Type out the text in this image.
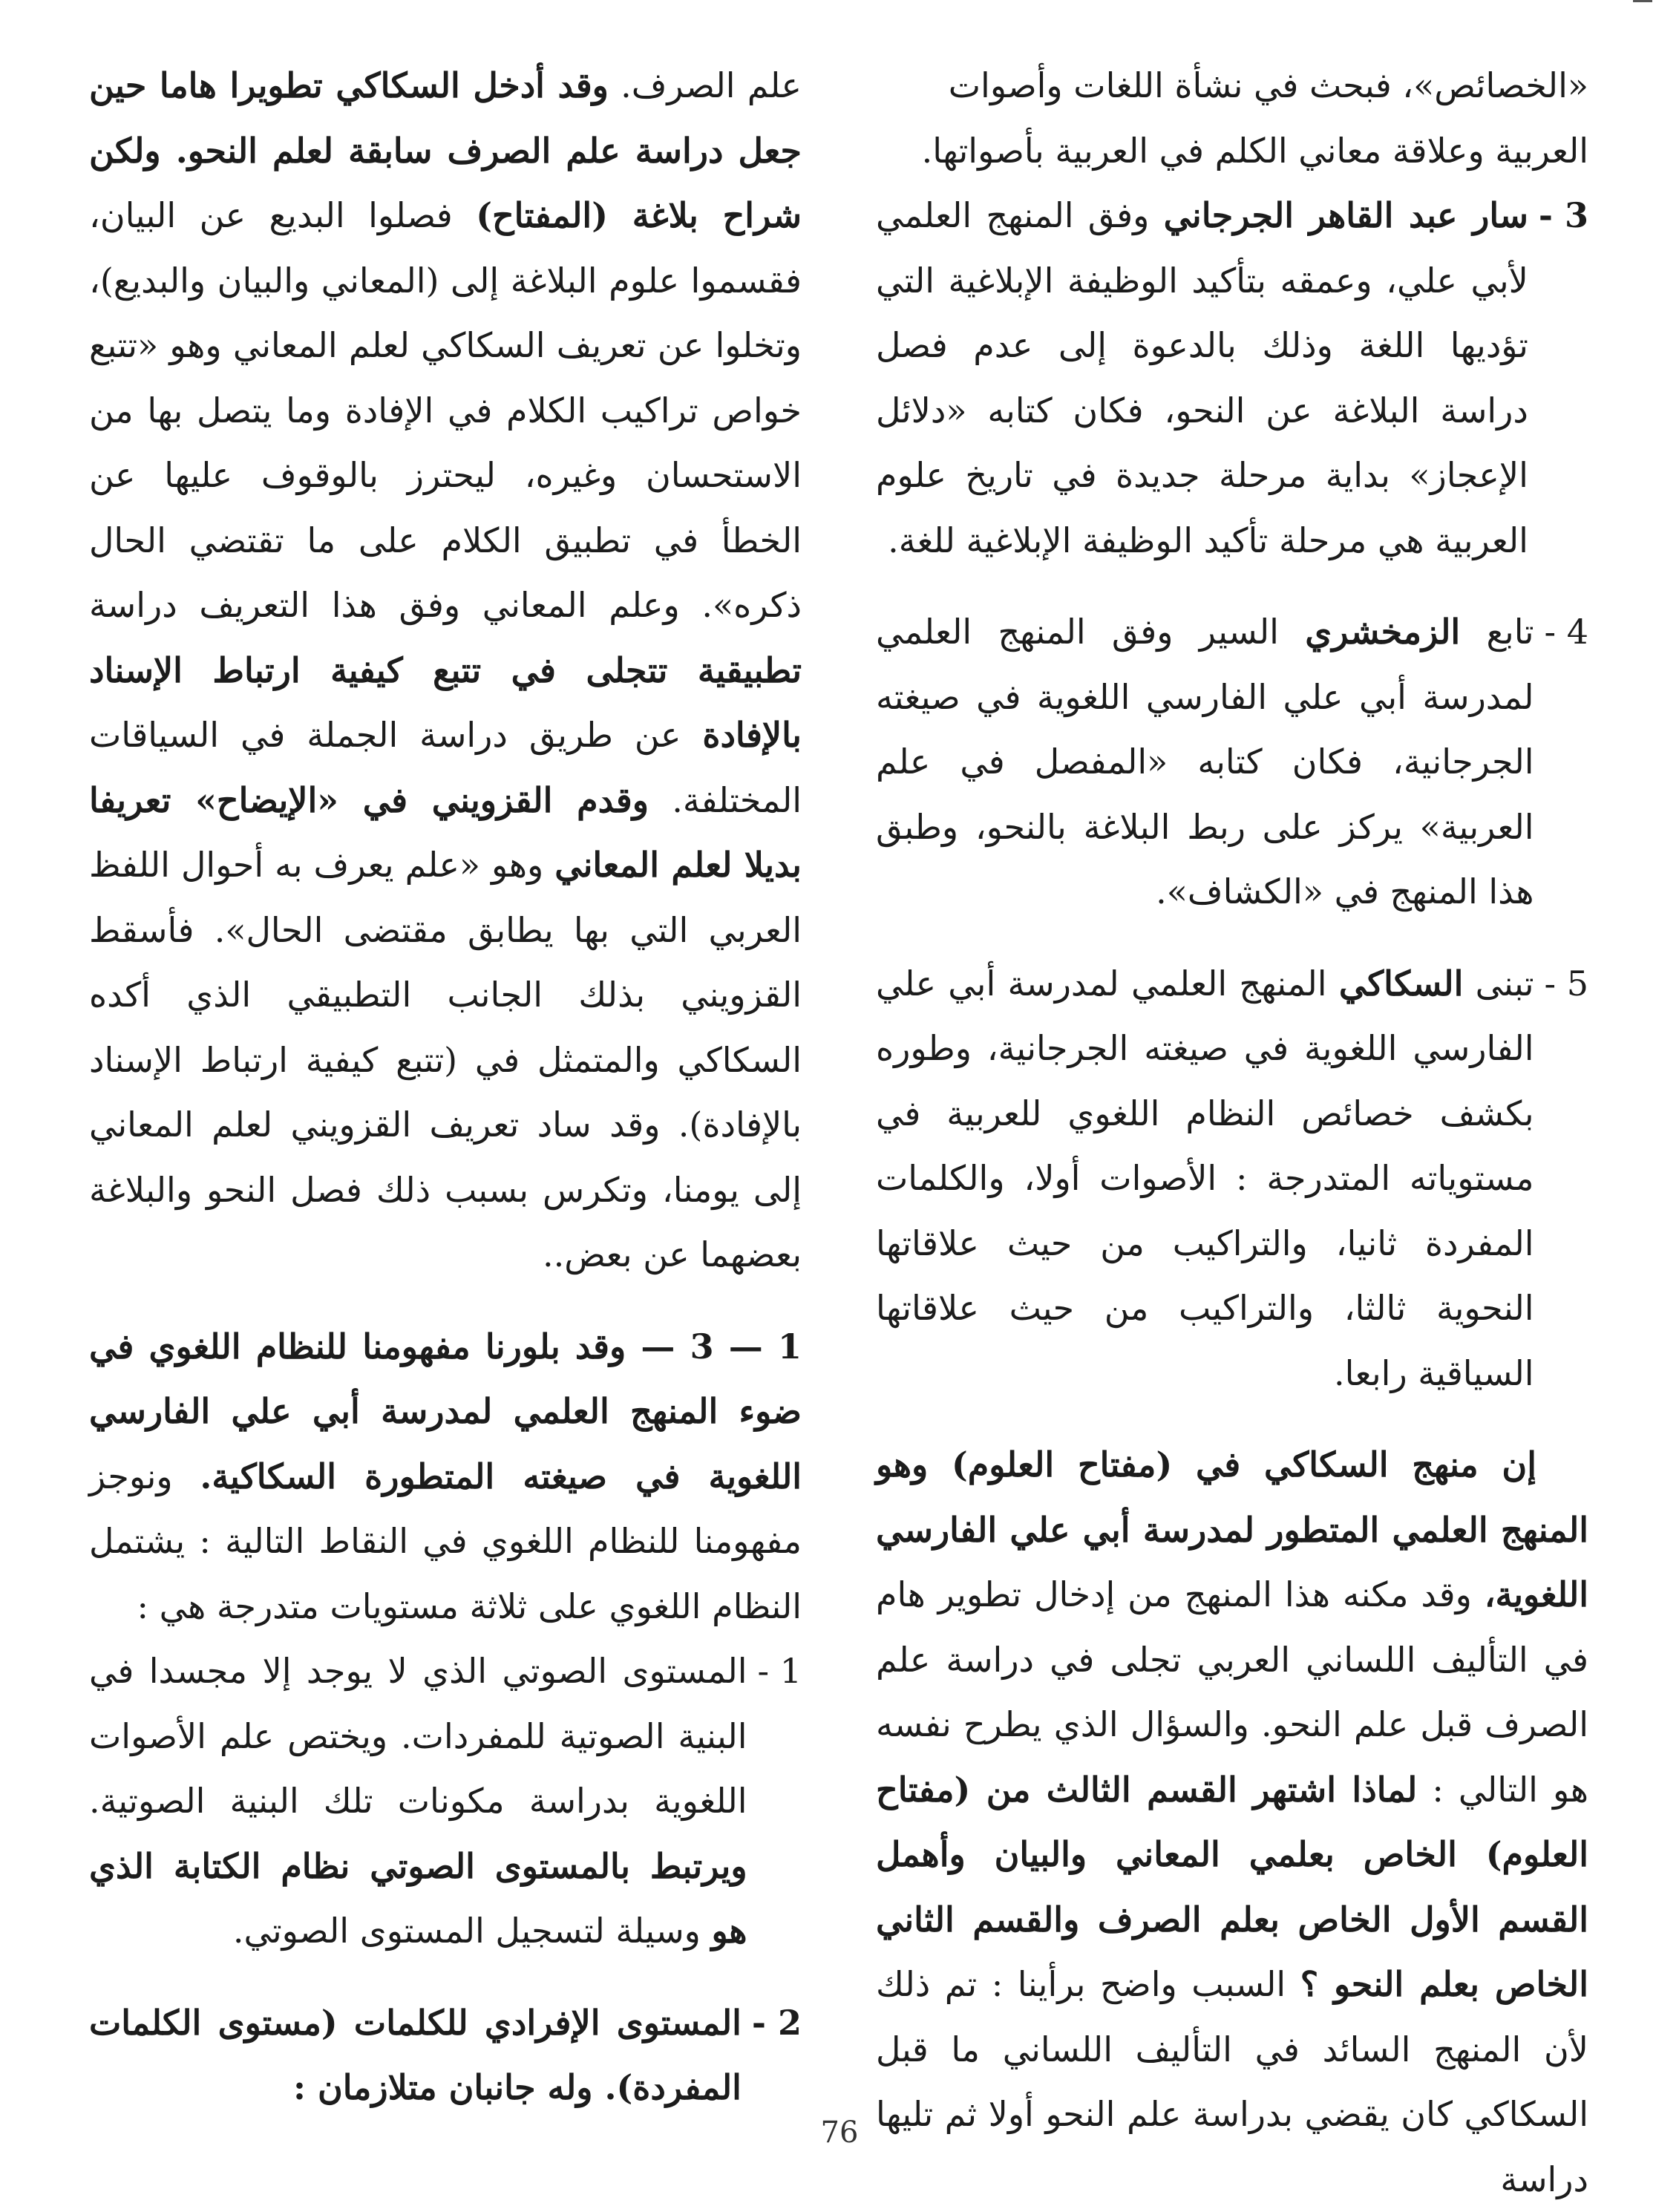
«الخصائص»، فبحث في نشأة اللغات وأصوات

العربية وعلاقة معاني الكلم في العربية بأصواتها.

3 -

سار عبد القاهر الجرجاني وفق المنهج العلمي لأبي علي، وعمقه بتأكيد الوظيفة الإبلاغية التي تؤديها اللغة وذلك بالدعوة إلى عدم فصل دراسة البلاغة عن النحو، فكان كتابه «دلائل الإعجاز» بداية مرحلة جديدة في تاريخ علوم العربية هي مرحلة تأكيد الوظيفة الإبلاغية للغة.

4 -

تابع الزمخشري السير وفق المنهج العلمي لمدرسة أبي علي الفارسي اللغوية في صيغته الجرجانية، فكان كتابه «المفصل في علم العربية» يركز على ربط البلاغة بالنحو، وطبق هذا المنهج في «الكشاف».

5 -

تبنى السكاكي المنهج العلمي لمدرسة أبي علي الفارسي اللغوية في صيغته الجرجانية، وطوره بكشف خصائص النظام اللغوي للعربية في مستوياته المتدرجة : الأصوات أولا، والكلمات المفردة ثانيا، والتراكيب من حيث علاقاتها النحوية ثالثا، والتراكيب من حيث علاقاتها السياقية رابعا.

إن منهج السكاكي في (مفتاح العلوم) وهو المنهج العلمي المتطور لمدرسة أبي علي الفارسي اللغوية، وقد مكنه هذا المنهج من إدخال تطوير هام في التأليف اللساني العربي تجلى في دراسة علم الصرف قبل علم النحو. والسؤال الذي يطرح نفسه هو التالي : لماذا اشتهر القسم الثالث من (مفتاح العلوم) الخاص بعلمي المعاني والبيان وأهمل القسم الأول الخاص بعلم الصرف والقسم الثاني الخاص بعلم النحو ؟ السبب واضح برأينا : تم ذلك لأن المنهج السائد في التأليف اللساني ما قبل السكاكي كان يقضي بدراسة علم النحو أولا ثم تليها دراسة

علم الصرف. وقد أدخل السكاكي تطويرا هاما حين جعل دراسة علم الصرف سابقة لعلم النحو. ولكن شراح بلاغة (المفتاح) فصلوا البديع عن البيان، فقسموا علوم البلاغة إلى (المعاني والبيان والبديع)، وتخلوا عن تعريف السكاكي لعلم المعاني وهو «تتبع خواص تراكيب الكلام في الإفادة وما يتصل بها من الاستحسان وغيره، ليحترز بالوقوف عليها عن الخطأ في تطبيق الكلام على ما تقتضي الحال ذكره». وعلم المعاني وفق هذا التعريف دراسة تطبيقية تتجلى في تتبع كيفية ارتباط الإسناد بالإفادة عن طريق دراسة الجملة في السياقات المختلفة. وقدم القزويني في «الإيضاح» تعريفا بديلا لعلم المعاني وهو «علم يعرف به أحوال اللفظ العربي التي بها يطابق مقتضى الحال». فأسقط القزويني بذلك الجانب التطبيقي الذي أكده السكاكي والمتمثل في (تتبع كيفية ارتباط الإسناد بالإفادة). وقد ساد تعريف القزويني لعلم المعاني إلى يومنا، وتكرس بسبب ذلك فصل النحو والبلاغة بعضهما عن بعض..

1 — 3 — وقد بلورنا مفهومنا للنظام اللغوي في ضوء المنهج العلمي لمدرسة أبي علي الفارسي اللغوية في صيغته المتطورة السكاكية. ونوجز مفهومنا للنظام اللغوي في النقاط التالية : يشتمل النظام اللغوي على ثلاثة مستويات متدرجة هي :

1 -

المستوى الصوتي الذي لا يوجد إلا مجسدا في البنية الصوتية للمفردات. ويختص علم الأصوات اللغوية بدراسة مكونات تلك البنية الصوتية. ويرتبط بالمستوى الصوتي نظام الكتابة الذي هو وسيلة لتسجيل المستوى الصوتي.

2 -

المستوى الإفرادي للكلمات (مستوى الكلمات المفردة). وله جانبان متلازمان :

76
